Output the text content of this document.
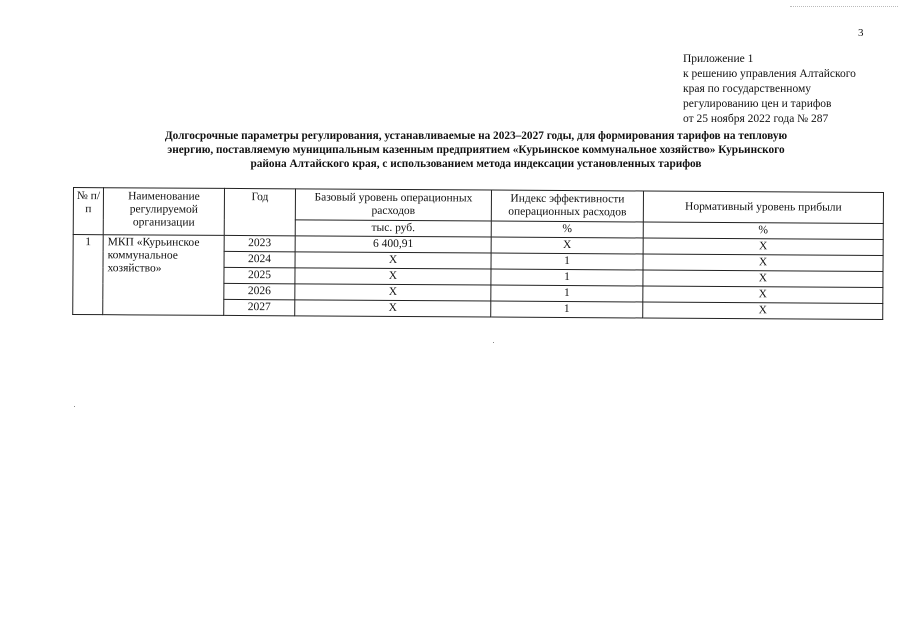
3
Приложение 1
к решению управления Алтайского
края по государственному
регулированию цен и тарифов
от 25 ноября 2022 года № 287
Долгосрочные параметры регулирования, устанавливаемые на 2023–2027 годы, для формирования тарифов на тепловую
энергию, поставляемую муниципальным казенным предприятием «Курьинское коммунальное хозяйство» Курьинского
района Алтайского края, с использованием метода индексации установленных тарифов
№ п/п	Наименование регулируемой организации	Год	Базовый уровень операционных расходов	Индекс эффективности операционных расходов	Нормативный уровень прибыли
			тыс. руб.	%	%
1	МКП «Курьинское коммунальное хозяйство»	2023	6 400,91	X	X
		2024	X	1	X
		2025	X	1	X
		2026	X	1	X
		2027	X	1	X
